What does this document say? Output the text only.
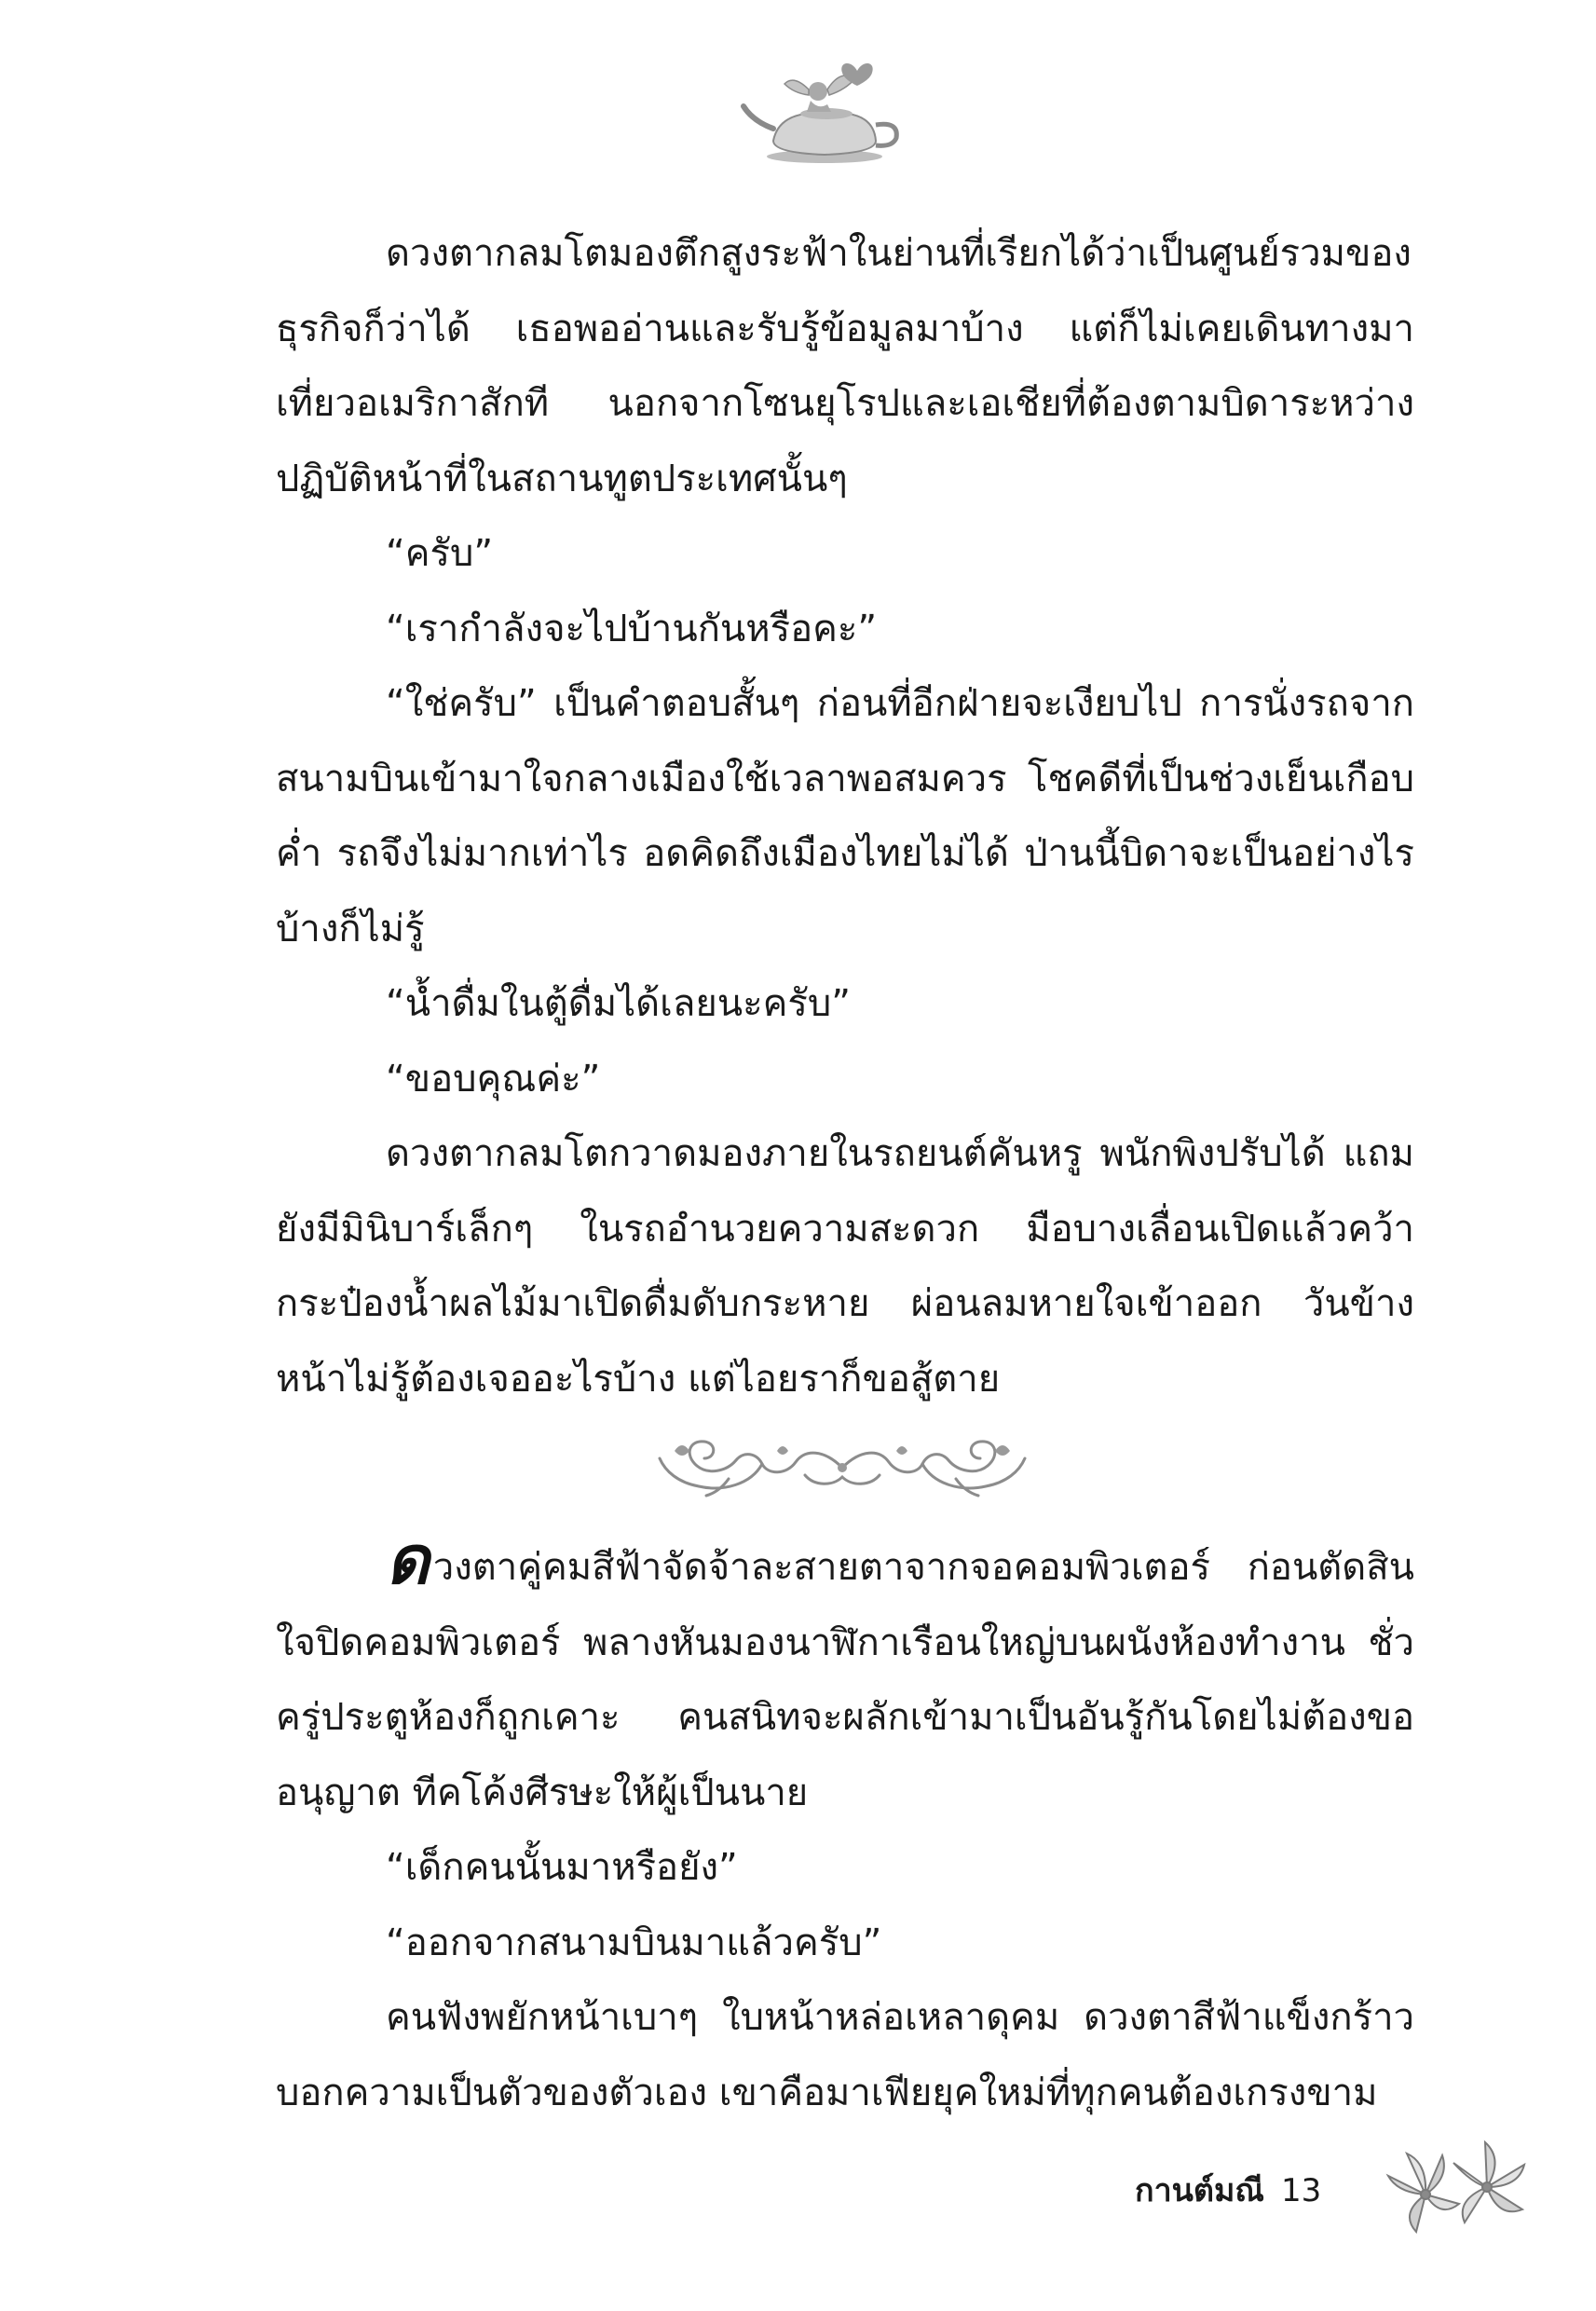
ดวงตากลมโตมองตึกสูงระฟ้าในย่านที่เรียกได้ว่าเป็นศูนย์รวมของธุรกิจก็ว่าได้ เธอพออ่านและรับรู้ข้อมูลมาบ้าง แต่ก็ไม่เคยเดินทางมาเที่ยวอเมริกาสักที นอกจากโซนยุโรปและเอเชียที่ต้องตามบิดาระหว่างปฏิบัติหน้าที่ในสถานทูตประเทศนั้นๆ

“ครับ”

“เรากำลังจะไปบ้านกันหรือคะ”

“ใช่ครับ” เป็นคำตอบสั้นๆ ก่อนที่อีกฝ่ายจะเงียบไป การนั่งรถจากสนามบินเข้ามาใจกลางเมืองใช้เวลาพอสมควร โชคดีที่เป็นช่วงเย็นเกือบค่ำ รถจึงไม่มากเท่าไร อดคิดถึงเมืองไทยไม่ได้ ป่านนี้บิดาจะเป็นอย่างไรบ้างก็ไม่รู้

“น้ำดื่มในตู้ดื่มได้เลยนะครับ”

“ขอบคุณค่ะ”

ดวงตากลมโตกวาดมองภายในรถยนต์คันหรู พนักพิงปรับได้ แถมยังมีมินิบาร์เล็กๆ ในรถอำนวยความสะดวก มือบางเลื่อนเปิดแล้วคว้ากระป๋องน้ำผลไม้มาเปิดดื่มดับกระหาย ผ่อนลมหายใจเข้าออก วันข้างหน้าไม่รู้ต้องเจออะไรบ้าง แต่ไอยราก็ขอสู้ตาย

ดวงตาคู่คมสีฟ้าจัดจ้าละสายตาจากจอคอมพิวเตอร์ ก่อนตัดสินใจปิดคอมพิวเตอร์ พลางหันมองนาฬิกาเรือนใหญ่บนผนังห้องทำงาน ชั่วครู่ประตูห้องก็ถูกเคาะ คนสนิทจะผลักเข้ามาเป็นอันรู้กันโดยไม่ต้องขออนุญาต ทีคโค้งศีรษะให้ผู้เป็นนาย

“เด็กคนนั้นมาหรือยัง”

“ออกจากสนามบินมาแล้วครับ”

คนฟังพยักหน้าเบาๆ ใบหน้าหล่อเหลาดุคม ดวงตาสีฟ้าแข็งกร้าวบอกความเป็นตัวของตัวเอง เขาคือมาเฟียยุคใหม่ที่ทุกคนต้องเกรงขาม

กานต์มณี 13
